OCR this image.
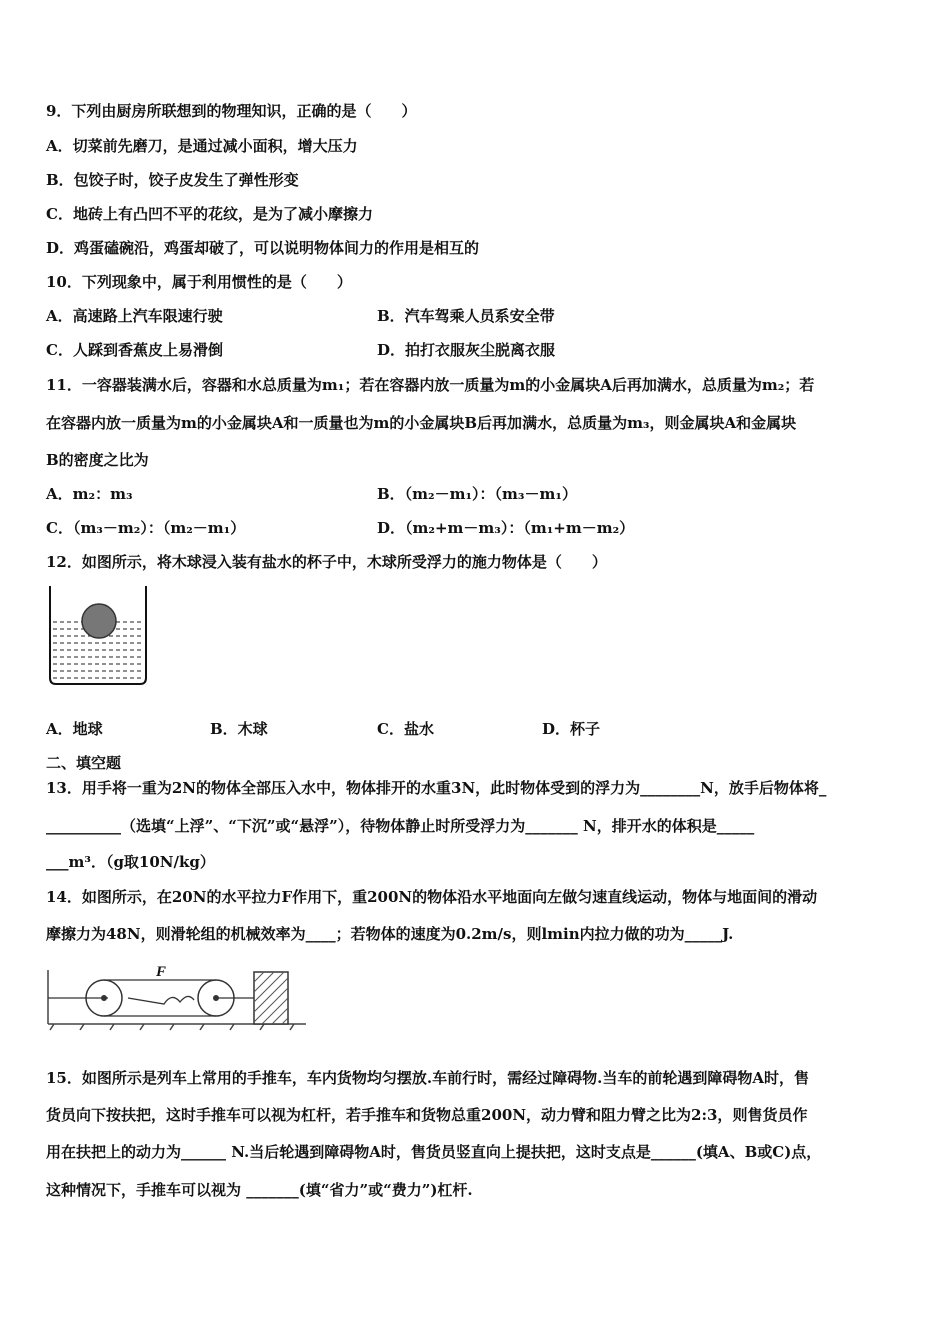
9．下列由厨房所联想到的物理知识，正确的是（　　）
A．切菜前先磨刀，是通过减小面积，增大压力
B．包饺子时，饺子皮发生了弹性形变
C．地砖上有凸凹不平的花纹，是为了减小摩擦力
D．鸡蛋磕碗沿，鸡蛋却破了，可以说明物体间力的作用是相互的
10．下列现象中，属于利用惯性的是（　　）
A．高速路上汽车限速行驶	B．汽车驾乘人员系安全带
C．人踩到香蕉皮上易滑倒	D．拍打衣服灰尘脱离衣服
11．一容器装满水后，容器和水总质量为m₁；若在容器内放一质量为m的小金属块A后再加满水，总质量为m₂；若
在容器内放一质量为m的小金属块A和一质量也为m的小金属块B后再加满水，总质量为m₃，则金属块A和金属块
B的密度之比为
A．m₂：m₃	B．（m₂－m₁）：（m₃－m₁）
C．（m₃－m₂）：（m₂－m₁）	D．（m₂+m－m₃）：（m₁+m－m₂）
12．如图所示，将木球浸入装有盐水的杯子中，木球所受浮力的施力物体是（　　）
A．地球	B．木球	C．盐水	D．杯子
二、填空题
13．用手将一重为2N的物体全部压入水中，物体排开的水重3N，此时物体受到的浮力为________N，放手后物体将_
__________（选填“上浮”、“下沉”或“悬浮”），待物体静止时所受浮力为_______ N，排开水的体积是_____
___m³．（g取10N/kg）
14．如图所示，在20N的水平拉力F作用下，重200N的物体沿水平地面向左做匀速直线运动，物体与地面间的滑动
摩擦力为48N，则滑轮组的机械效率为____；若物体的速度为0.2m/s，则lmin内拉力做的功为_____J.
F
15．如图所示是列车上常用的手推车，车内货物均匀摆放.车前行时，需经过障碍物.当车的前轮遇到障碍物A时，售
货员向下按扶把，这时手推车可以视为杠杆，若手推车和货物总重200N，动力臂和阻力臂之比为2:3，则售货员作
用在扶把上的动力为______ N.当后轮遇到障碍物A时，售货员竖直向上提扶把，这时支点是______(填A、B或C)点，
这种情况下，手推车可以视为 _______(填“省力”或“费力”)杠杆.
